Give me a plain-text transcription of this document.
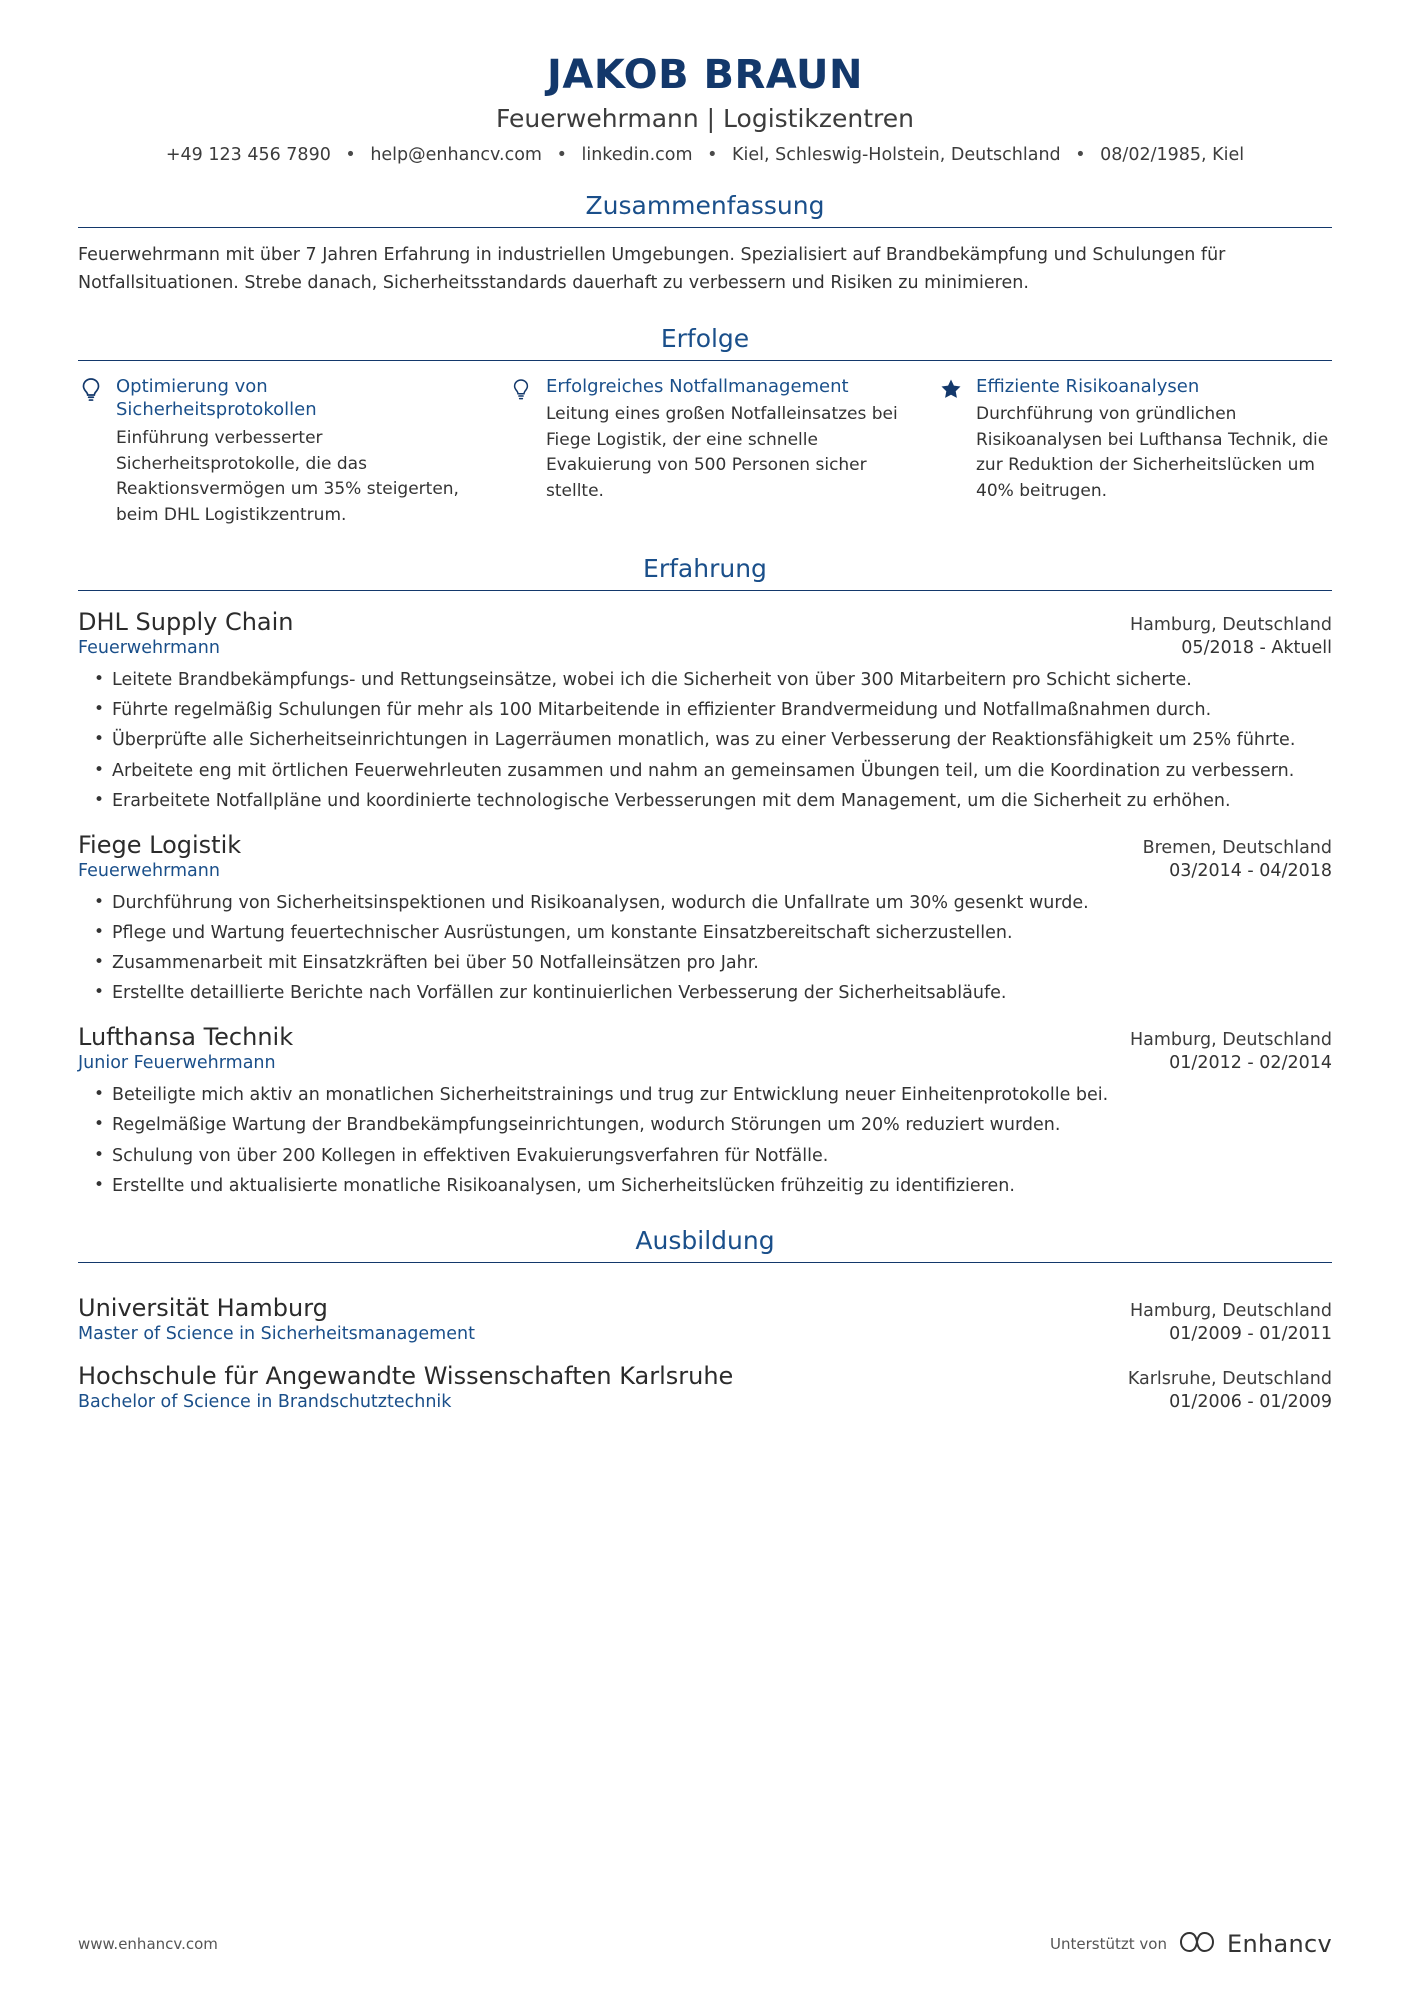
JAKOB BRAUN
Feuerwehrmann | Logistikzentren
+49 123 456 7890 • help@enhancv.com • linkedin.com • Kiel, Schleswig-Holstein, Deutschland • 08/02/1985, Kiel
Zusammenfassung

Feuerwehrmann mit über 7 Jahren Erfahrung in industriellen Umgebungen. Spezialisiert auf Brandbekämpfung und Schulungen für Notfallsituationen. Strebe danach, Sicherheitsstandards dauerhaft zu verbessern und Risiken zu minimieren.

Erfolge
Optimierung von Sicherheitsprotokollen
Einführung verbesserter Sicherheitsprotokolle, die das Reaktionsvermögen um 35% steigerten, beim DHL Logistikzentrum.
Erfolgreiches Notfallmanagement
Leitung eines großen Notfalleinsatzes bei Fiege Logistik, der eine schnelle Evakuierung von 500 Personen sicher stellte.
Effiziente Risikoanalysen
Durchführung von gründlichen Risikoanalysen bei Lufthansa Technik, die zur Reduktion der Sicherheitslücken um 40% beitrugen.
Erfahrung
DHL Supply Chain	Hamburg, Deutschland
Feuerwehrmann	05/2018 - Aktuell
• Leitete Brandbekämpfungs- und Rettungseinsätze, wobei ich die Sicherheit von über 300 Mitarbeitern pro Schicht sicherte.
• Führte regelmäßig Schulungen für mehr als 100 Mitarbeitende in effizienter Brandvermeidung und Notfallmaßnahmen durch.
• Überprüfte alle Sicherheitseinrichtungen in Lagerräumen monatlich, was zu einer Verbesserung der Reaktionsfähigkeit um 25% führte.
• Arbeitete eng mit örtlichen Feuerwehrleuten zusammen und nahm an gemeinsamen Übungen teil, um die Koordination zu verbessern.
• Erarbeitete Notfallpläne und koordinierte technologische Verbesserungen mit dem Management, um die Sicherheit zu erhöhen.
Fiege Logistik	Bremen, Deutschland
Feuerwehrmann	03/2014 - 04/2018
• Durchführung von Sicherheitsinspektionen und Risikoanalysen, wodurch die Unfallrate um 30% gesenkt wurde.
• Pflege und Wartung feuertechnischer Ausrüstungen, um konstante Einsatzbereitschaft sicherzustellen.
• Zusammenarbeit mit Einsatzkräften bei über 50 Notfalleinsätzen pro Jahr.
• Erstellte detaillierte Berichte nach Vorfällen zur kontinuierlichen Verbesserung der Sicherheitsabläufe.
Lufthansa Technik	Hamburg, Deutschland
Junior Feuerwehrmann	01/2012 - 02/2014
• Beteiligte mich aktiv an monatlichen Sicherheitstrainings und trug zur Entwicklung neuer Einheitenprotokolle bei.
• Regelmäßige Wartung der Brandbekämpfungseinrichtungen, wodurch Störungen um 20% reduziert wurden.
• Schulung von über 200 Kollegen in effektiven Evakuierungsverfahren für Notfälle.
• Erstellte und aktualisierte monatliche Risikoanalysen, um Sicherheitslücken frühzeitig zu identifizieren.
Ausbildung
Universität Hamburg	Hamburg, Deutschland
Master of Science in Sicherheitsmanagement	01/2009 - 01/2011
Hochschule für Angewandte Wissenschaften Karlsruhe	Karlsruhe, Deutschland
Bachelor of Science in Brandschutztechnik	01/2006 - 01/2009
www.enhancv.com	Unterstützt von	Enhancv
